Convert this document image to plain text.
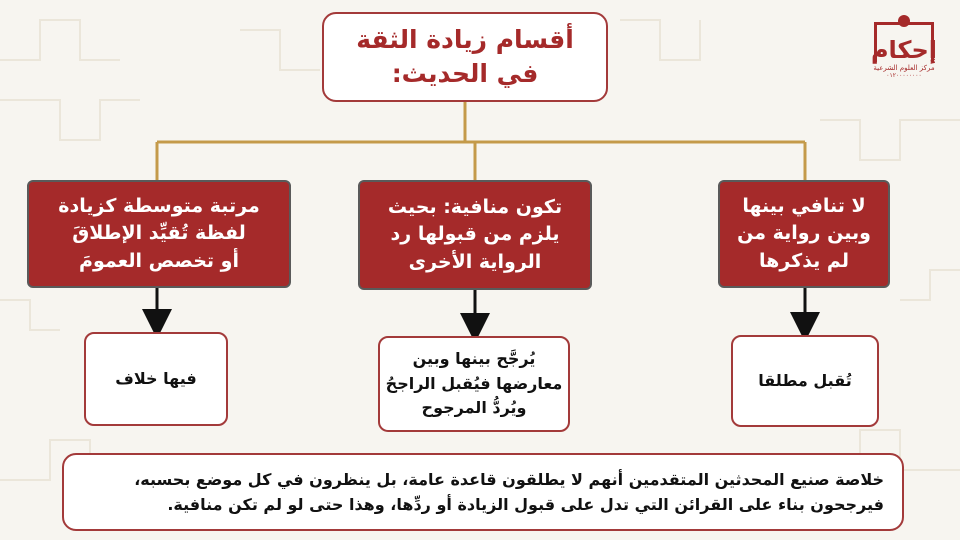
أقسام زيادة الثقة
في الحديث:
إحكام
مركز العلوم الشرعية
٠١٢٠٠٠٠٠٠٠٠
لا تنافي بينها
وبين رواية من
لم يذكرها
تكون منافية: بحيث
يلزم من قبولها رد
الرواية الأخرى
مرتبة متوسطة كزيادة
لفظة تُقيِّد الإطلاقَ
أو تخصص العمومَ
تُقبل مطلقا
يُرجَّح بينها وبين
معارضها فيُقبل الراجحُ
ويُردُّ المرجوح
فيها خلاف
خلاصة صنيع المحدثين المتقدمين أنهم لا يطلقون قاعدة عامة، بل ينظرون في كل موضع بحسبه،
فيرجحون بناء على القرائن التي تدل على قبول الزيادة أو ردِّها، وهذا حتى لو لم تكن منافية.
